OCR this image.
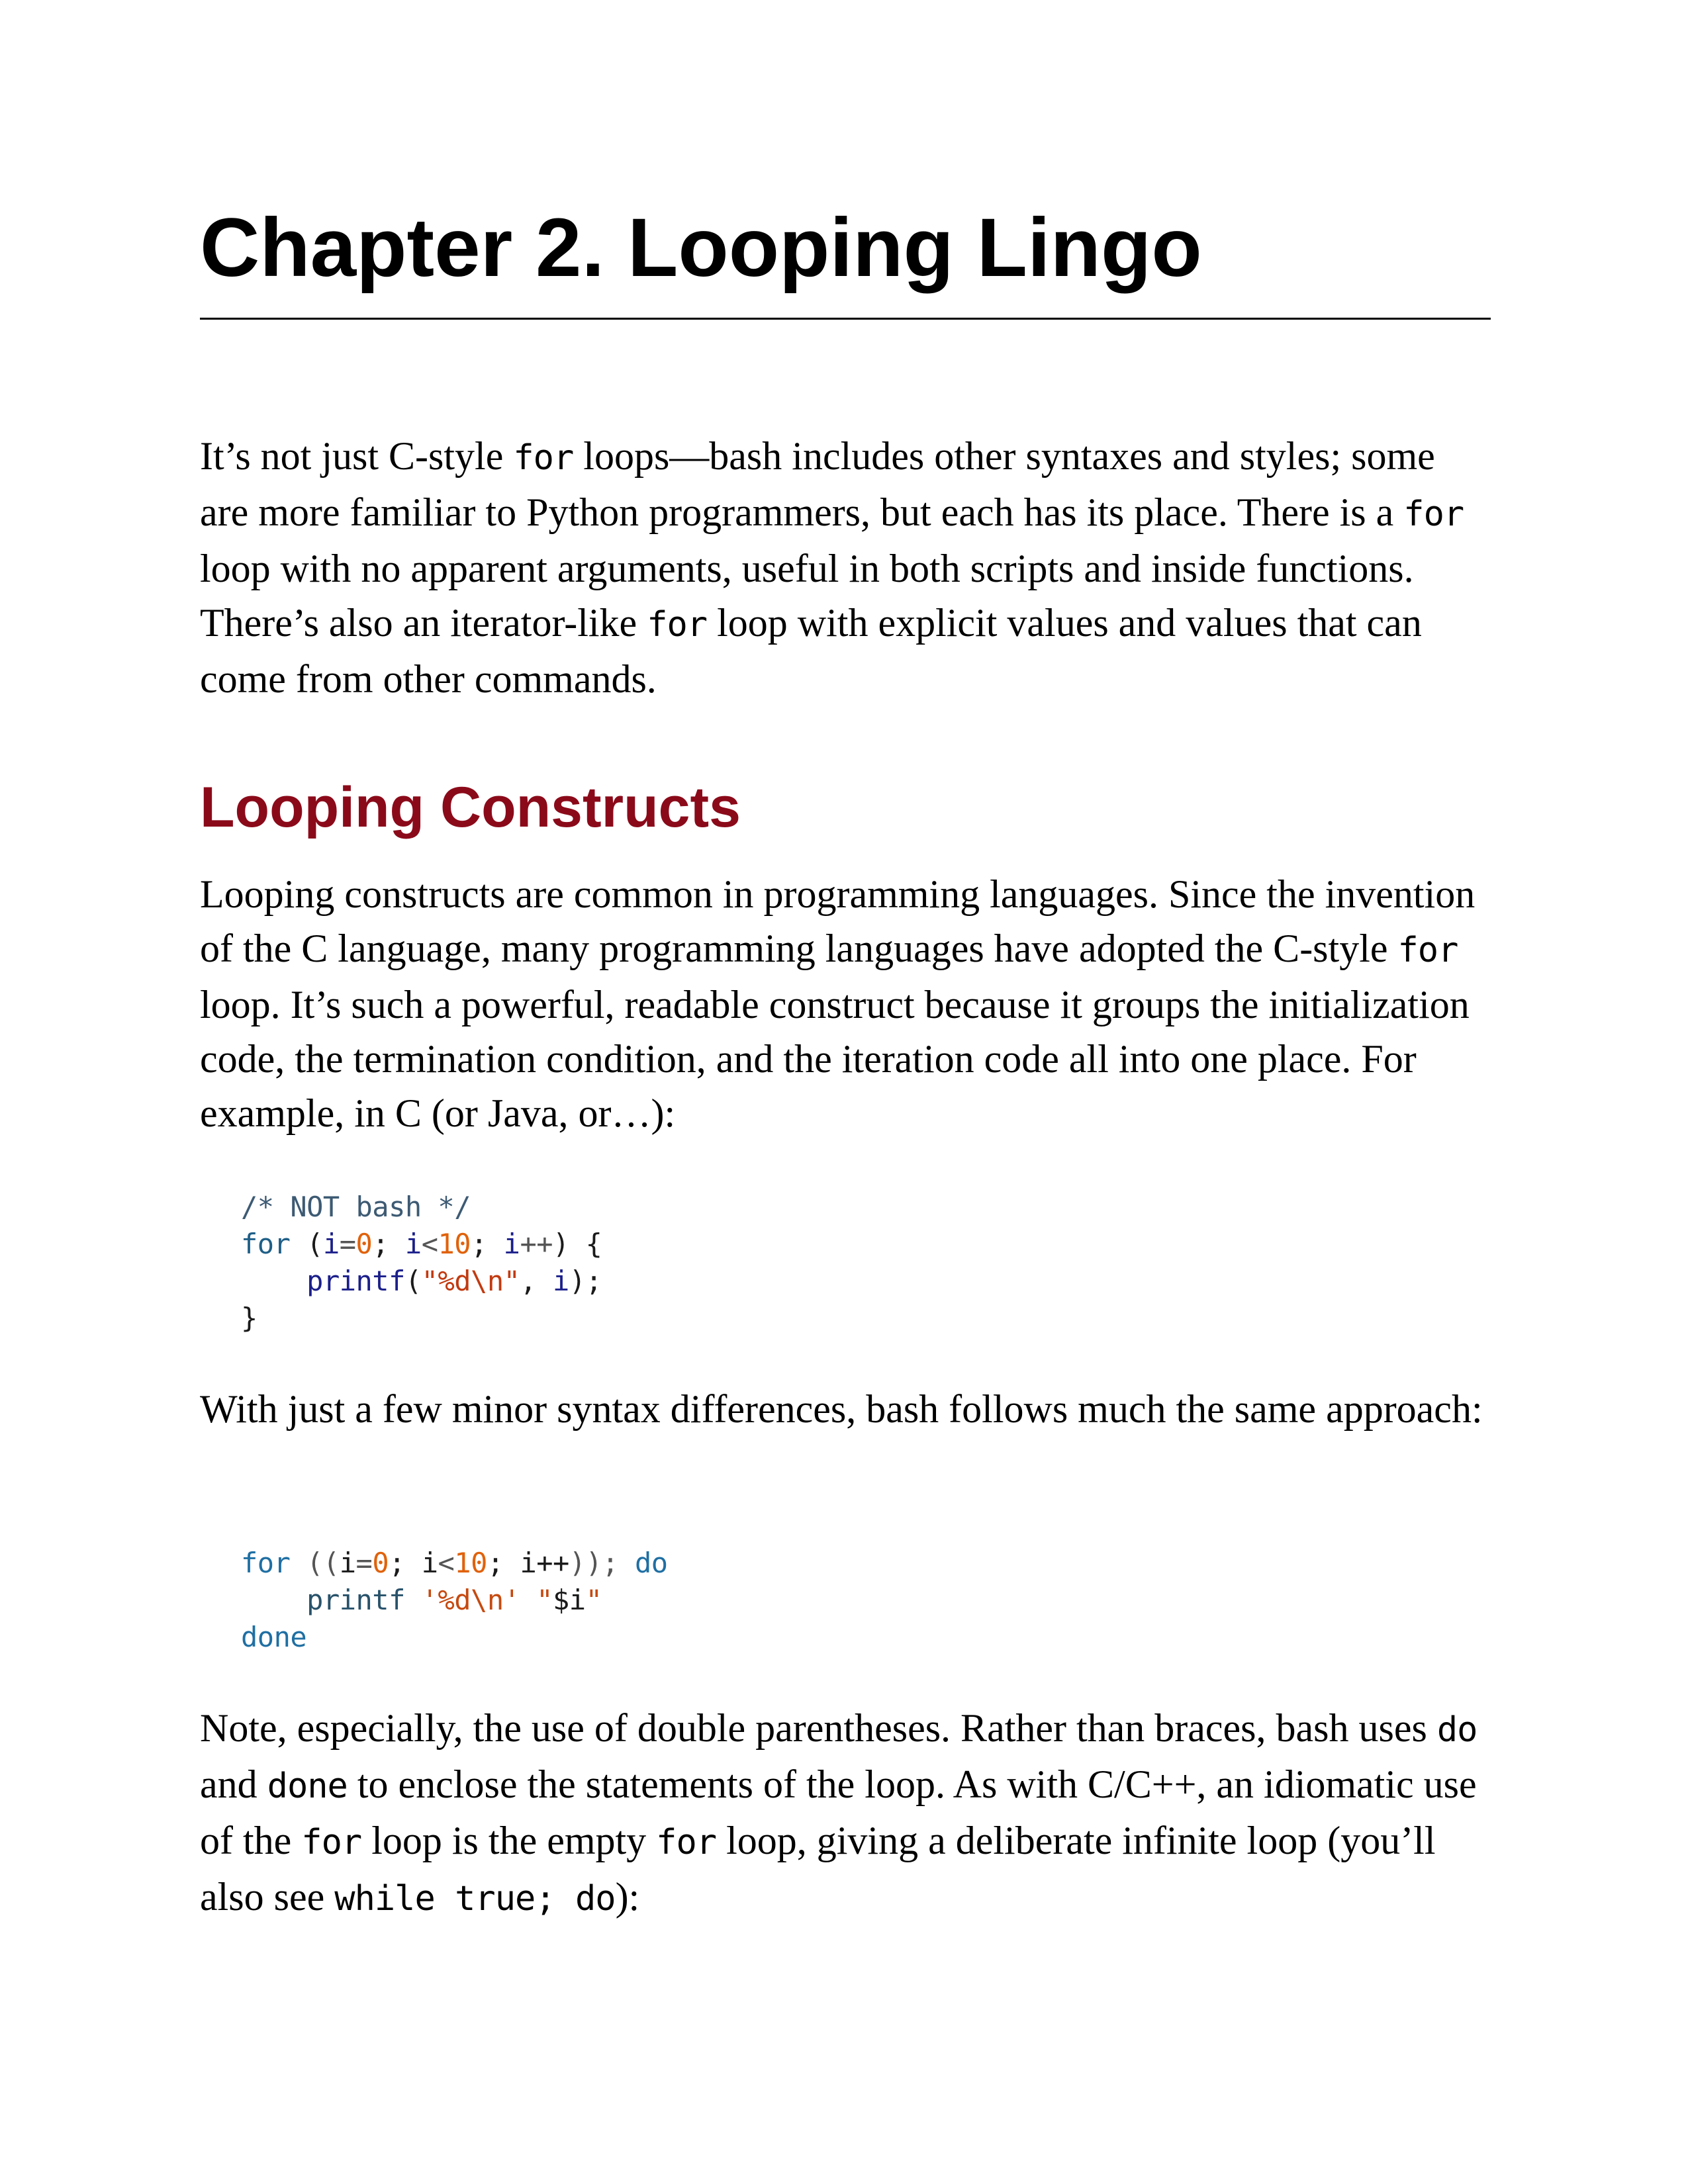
Chapter 2. Looping Lingo

It’s not just C-style for loops—bash includes other syntaxes and styles; some are more familiar to Python programmers, but each has its place. There is a for loop with no apparent arguments, useful in both scripts and inside functions. There’s also an iterator-like for loop with explicit values and values that can come from other commands.

Looping Constructs

Looping constructs are common in programming languages. Since the invention of the C language, many programming languages have adopted the C-style for loop. It’s such a powerful, readable construct because it groups the initialization code, the termination condition, and the iteration code all into one place. For example, in C (or Java, or…):

/* NOT bash */
for (i=0; i<10; i++) {
printf("%d\n", i);
}

With just a few minor syntax differences, bash follows much the same approach:

for ((i=0; i<10; i++)); do
printf '%d\n' "$i"
done

Note, especially, the use of double parentheses. Rather than braces, bash uses do and done to enclose the statements of the loop. As with C/C++, an idiomatic use of the for loop is the empty for loop, giving a deliberate infinite loop (you’ll also see while true; do):
